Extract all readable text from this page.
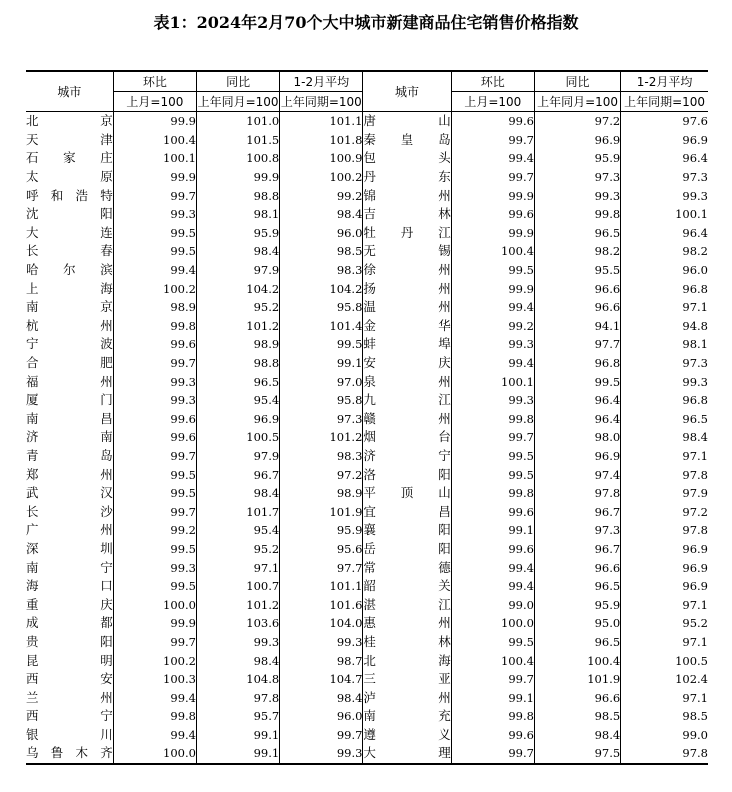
表1：2024年2月70个大中城市新建商品住宅销售价格指数
城市	环比	同比	1-2月平均	城市	环比	同比	1-2月平均
	上月=100	上年同月=100	上年同期=100		上月=100	上年同月=100	上年同期=100
北　京	99.9	101.0	101.1	唐　山	99.6	97.2	97.6
天　津	100.4	101.5	101.8	秦皇岛	99.7	96.9	96.9
石家庄	100.1	100.8	100.9	包　头	99.4	95.9	96.4
太　原	99.9	99.9	100.2	丹　东	99.7	97.3	97.3
呼和浩特	99.7	98.8	99.2	锦　州	99.9	99.3	99.3
沈　阳	99.3	98.1	98.4	吉　林	99.6	99.8	100.1
大　连	99.5	95.9	96.0	牡丹江	99.9	96.5	96.4
长　春	99.5	98.4	98.5	无　锡	100.4	98.2	98.2
哈尔滨	99.4	97.9	98.3	徐　州	99.5	95.5	96.0
上　海	100.2	104.2	104.2	扬　州	99.9	96.6	96.8
南　京	98.9	95.2	95.8	温　州	99.4	96.6	97.1
杭　州	99.8	101.2	101.4	金　华	99.2	94.1	94.8
宁　波	99.6	98.9	99.5	蚌　埠	99.3	97.7	98.1
合　肥	99.7	98.8	99.1	安　庆	99.4	96.8	97.3
福　州	99.3	96.5	97.0	泉　州	100.1	99.5	99.3
厦　门	99.3	95.4	95.8	九　江	99.3	96.4	96.8
南　昌	99.6	96.9	97.3	赣　州	99.8	96.4	96.5
济　南	99.6	100.5	101.2	烟　台	99.7	98.0	98.4
青　岛	99.7	97.9	98.3	济　宁	99.5	96.9	97.1
郑　州	99.5	96.7	97.2	洛　阳	99.5	97.4	97.8
武　汉	99.5	98.4	98.9	平顶山	99.8	97.8	97.9
长　沙	99.7	101.7	101.9	宜　昌	99.6	96.7	97.2
广　州	99.2	95.4	95.9	襄　阳	99.1	97.3	97.8
深　圳	99.5	95.2	95.6	岳　阳	99.6	96.7	96.9
南　宁	99.3	97.1	97.7	常　德	99.4	96.6	96.9
海　口	99.5	100.7	101.1	韶　关	99.4	96.5	96.9
重　庆	100.0	101.2	101.6	湛　江	99.0	95.9	97.1
成　都	99.9	103.6	104.0	惠　州	100.0	95.0	95.2
贵　阳	99.7	99.3	99.3	桂　林	99.5	96.5	97.1
昆　明	100.2	98.4	98.7	北　海	100.4	100.4	100.5
西　安	100.3	104.8	104.7	三　亚	99.7	101.9	102.4
兰　州	99.4	97.8	98.4	泸　州	99.1	96.6	97.1
西　宁	99.8	95.7	96.0	南　充	99.8	98.5	98.5
银　川	99.4	99.1	99.7	遵　义	99.6	98.4	99.0
乌鲁木齐	100.0	99.1	99.3	大　理	99.7	97.5	97.8
